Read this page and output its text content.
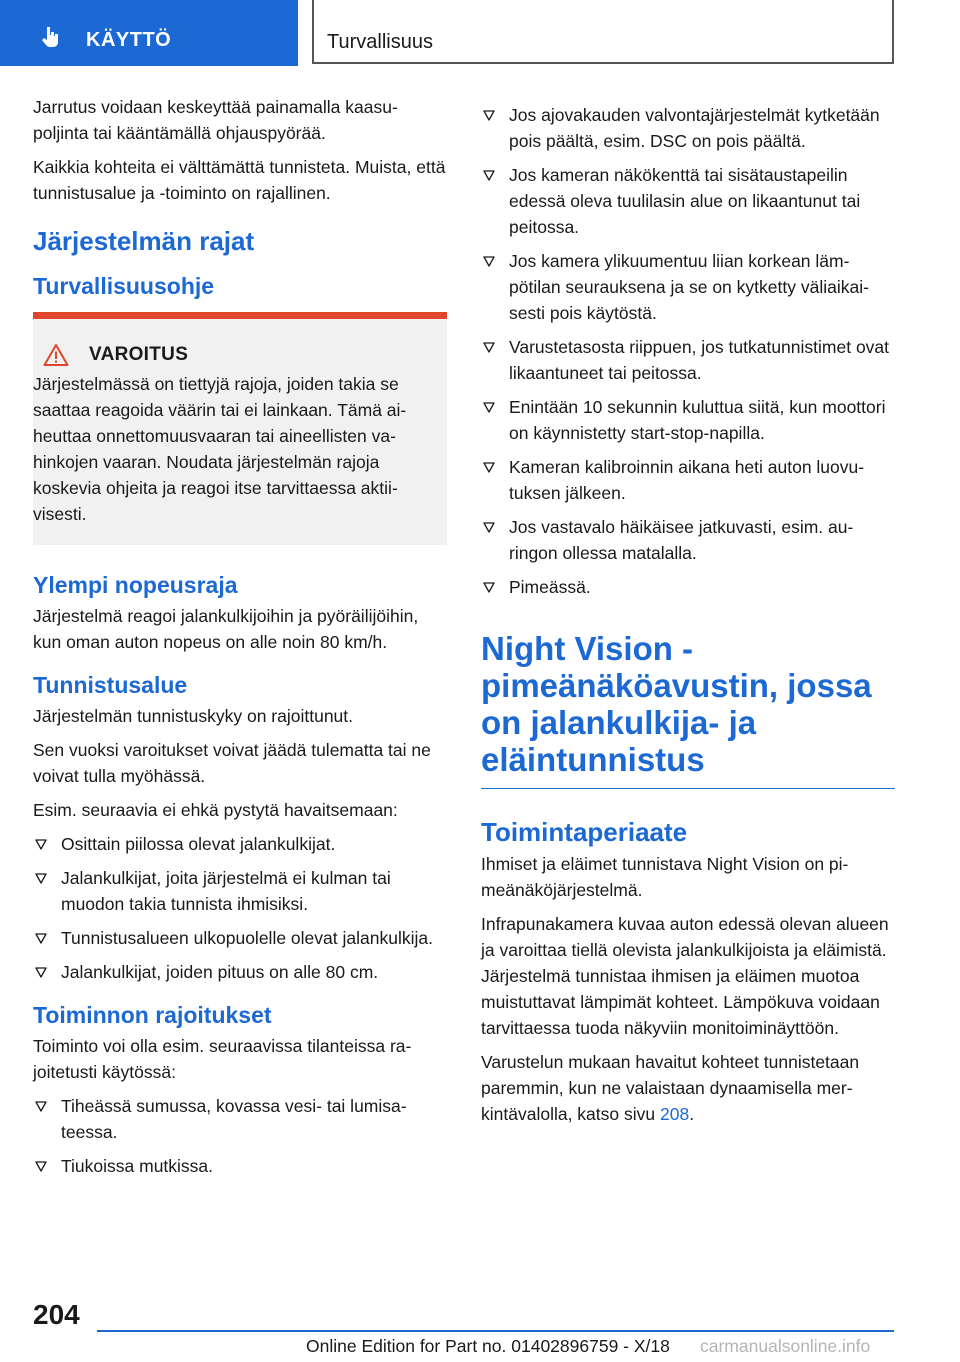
KÄYTTÖ	Turvallisuus

Jarrutus voidaan keskeyttää painamalla kaasupoljinta tai kääntämällä ohjauspyörää.

Kaikkia kohteita ei välttämättä tunnisteta. Muista, että tunnistusalue ja -toiminto on rajallinen.

Järjestelmän rajat
Turvallisuusohje
VAROITUS

Järjestelmässä on tiettyjä rajoja, joiden takia se saattaa reagoida väärin tai ei lainkaan. Tämä aiheuttaa onnettomuusvaaran tai aineellisten vahinkojen vaaran. Noudata järjestelmän rajoja koskevia ohjeita ja reagoi itse tarvittaessa aktiivisesti.

Ylempi nopeusraja

Järjestelmä reagoi jalankulkijoihin ja pyöräilijöihin, kun oman auton nopeus on alle noin 80 km/h.

Tunnistusalue

Järjestelmän tunnistuskyky on rajoittunut.

Sen vuoksi varoitukset voivat jäädä tulematta tai ne voivat tulla myöhässä.

Esim. seuraavia ei ehkä pystytä havaitsemaan:

Osittain piilossa olevat jalankulkijat.
Jalankulkijat, joita järjestelmä ei kulman tai muodon takia tunnista ihmisiksi.
Tunnistusalueen ulkopuolelle olevat jalankulkija.
Jalankulkijat, joiden pituus on alle 80 cm.
Toiminnon rajoitukset

Toiminto voi olla esim. seuraavissa tilanteissa rajoitetusti käytössä:

Tiheässä sumussa, kovassa vesi- tai lumisateessa.
Tiukoissa mutkissa.
Jos ajovakauden valvontajärjestelmät kytketään pois päältä, esim. DSC on pois päältä.
Jos kameran näkökenttä tai sisätaustapeilin edessä oleva tuulilasin alue on likaantunut tai peitossa.
Jos kamera ylikuumentuu liian korkean lämpötilan seurauksena ja se on kytketty väliaikaisesti pois käytöstä.
Varustetasosta riippuen, jos tutkatunnistimet ovat likaantuneet tai peitossa.
Enintään 10 sekunnin kuluttua siitä, kun moottori on käynnistetty start-stop-napilla.
Kameran kalibroinnin aikana heti auton luovutuksen jälkeen.
Jos vastavalo häikäisee jatkuvasti, esim. auringon ollessa matalalla.
Pimeässä.
Night Vision -pimeänäköavustin, jossa on jalankulkija- ja eläintunnistus
Toimintaperiaate

Ihmiset ja eläimet tunnistava Night Vision on pimeänäköjärjestelmä.

Infrapunakamera kuvaa auton edessä olevan alueen ja varoittaa tiellä olevista jalankulkijoista ja eläimistä. Järjestelmä tunnistaa ihmisen ja eläimen muotoa muistuttavat lämpimät kohteet. Lämpökuva voidaan tarvittaessa tuoda näkyviin monitoiminäyttöön.

Varustelun mukaan havaitut kohteet tunnistetaan paremmin, kun ne valaistaan dynaamisella merkintävalolla, katso sivu 208.

204
Online Edition for Part no. 01402896759 - X/18 carmanualsonline.info
